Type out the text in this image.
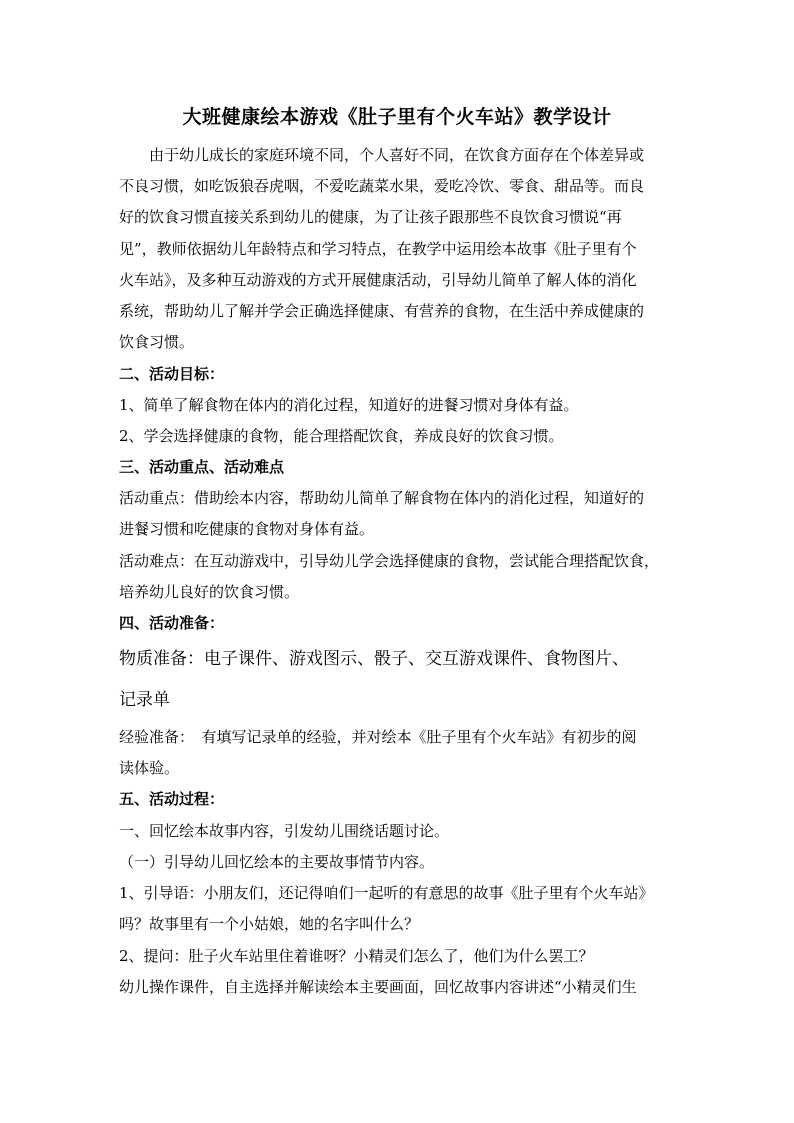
大班健康绘本游戏《肚子里有个火车站》教学设计
由于幼儿成长的家庭环境不同，个人喜好不同，在饮食方面存在个体差异或
不良习惯，如吃饭狼吞虎咽，不爱吃蔬菜水果，爱吃冷饮、零食、甜品等。而良
好的饮食习惯直接关系到幼儿的健康，为了让孩子跟那些不良饮食习惯说“再
见”，教师依据幼儿年龄特点和学习特点，在教学中运用绘本故事《肚子里有个
火车站》，及多种互动游戏的方式开展健康活动，引导幼儿简单了解人体的消化
系统，帮助幼儿了解并学会正确选择健康、有营养的食物，在生活中养成健康的
饮食习惯。
二、活动目标：
1、简单了解食物在体内的消化过程，知道好的进餐习惯对身体有益。
2、学会选择健康的食物，能合理搭配饮食，养成良好的饮食习惯。
三、活动重点、活动难点
活动重点：借助绘本内容，帮助幼儿简单了解食物在体内的消化过程，知道好的
进餐习惯和吃健康的食物对身体有益。
活动难点：在互动游戏中，引导幼儿学会选择健康的食物，尝试能合理搭配饮食，
培养幼儿良好的饮食习惯。
四、活动准备：
物质准备：电子课件、游戏图示、骰子、交互游戏课件、食物图片、
记录单
经验准备：　有填写记录单的经验，并对绘本《肚子里有个火车站》有初步的阅
读体验。
五、活动过程：
一、回忆绘本故事内容，引发幼儿围绕话题讨论。
（一）引导幼儿回忆绘本的主要故事情节内容。
1、引导语：小朋友们，还记得咱们一起听的有意思的故事《肚子里有个火车站》
吗？故事里有一个小姑娘，她的名字叫什么？
2、提问：肚子火车站里住着谁呀？小精灵们怎么了，他们为什么罢工？
幼儿操作课件，自主选择并解读绘本主要画面，回忆故事内容讲述“小精灵们生
